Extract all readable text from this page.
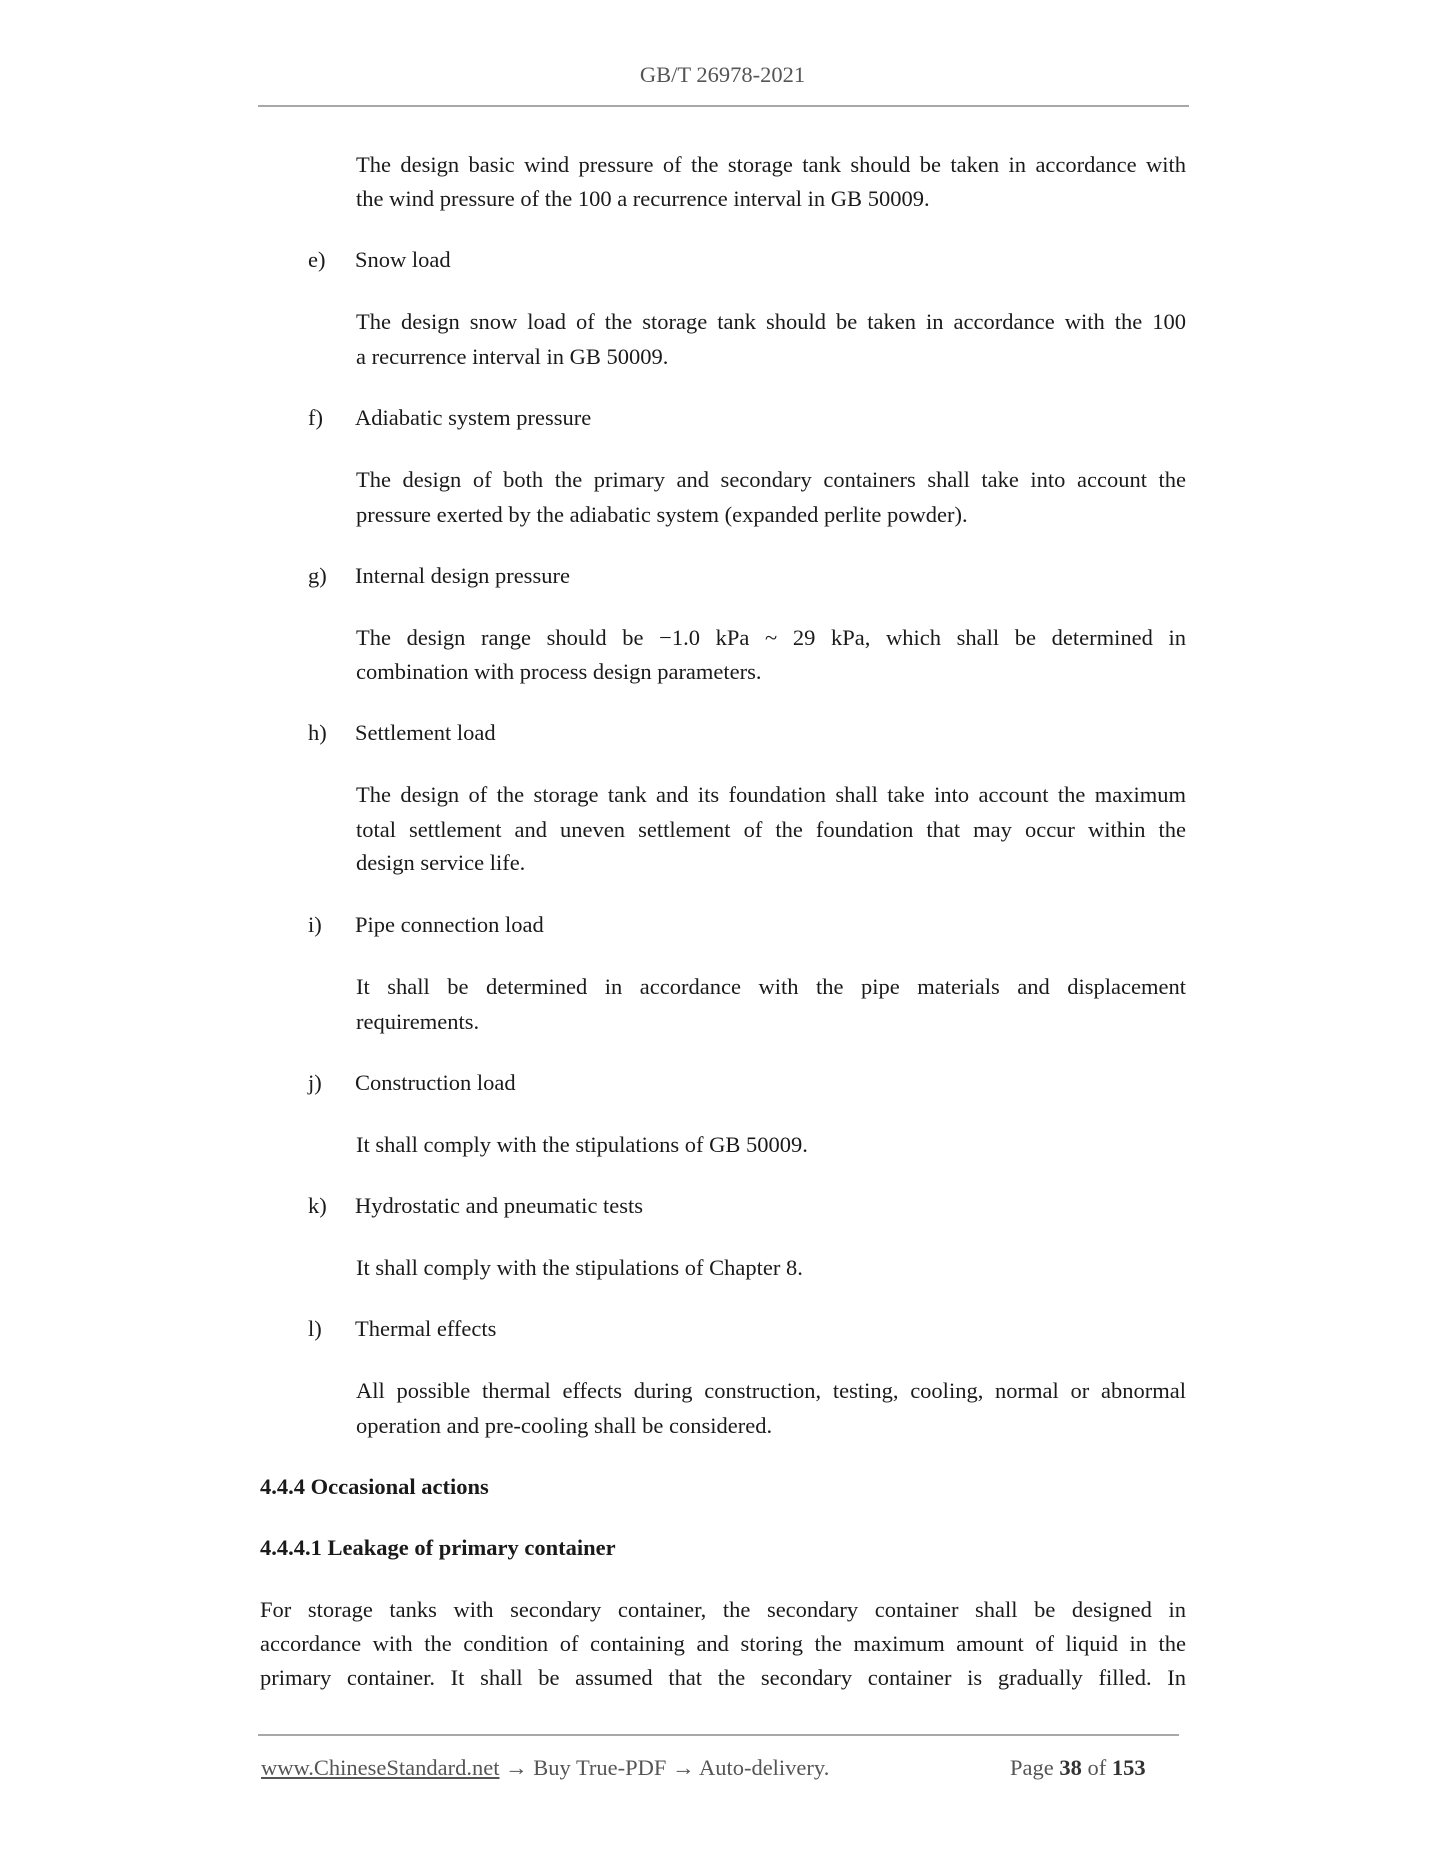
GB/T 26978-2021
The design basic wind pressure of the storage tank should be taken in accordance with
the wind pressure of the 100 a recurrence interval in GB 50009.
e) Snow load
The design snow load of the storage tank should be taken in accordance with the 100
a recurrence interval in GB 50009.
f) Adiabatic system pressure
The design of both the primary and secondary containers shall take into account the
pressure exerted by the adiabatic system (expanded perlite powder).
g) Internal design pressure
The design range should be −1.0 kPa ~ 29 kPa, which shall be determined in
combination with process design parameters.
h) Settlement load
The design of the storage tank and its foundation shall take into account the maximum
total settlement and uneven settlement of the foundation that may occur within the
design service life.
i) Pipe connection load
It shall be determined in accordance with the pipe materials and displacement
requirements.
j) Construction load
It shall comply with the stipulations of GB 50009.
k) Hydrostatic and pneumatic tests
It shall comply with the stipulations of Chapter 8.
l) Thermal effects
All possible thermal effects during construction, testing, cooling, normal or abnormal
operation and pre-cooling shall be considered.
4.4.4 Occasional actions
4.4.4.1 Leakage of primary container
For storage tanks with secondary container, the secondary container shall be designed in
accordance with the condition of containing and storing the maximum amount of liquid in the
primary container. It shall be assumed that the secondary container is gradually filled. In
www.ChineseStandard.net → Buy True-PDF → Auto-delivery.	Page 38 of 153
